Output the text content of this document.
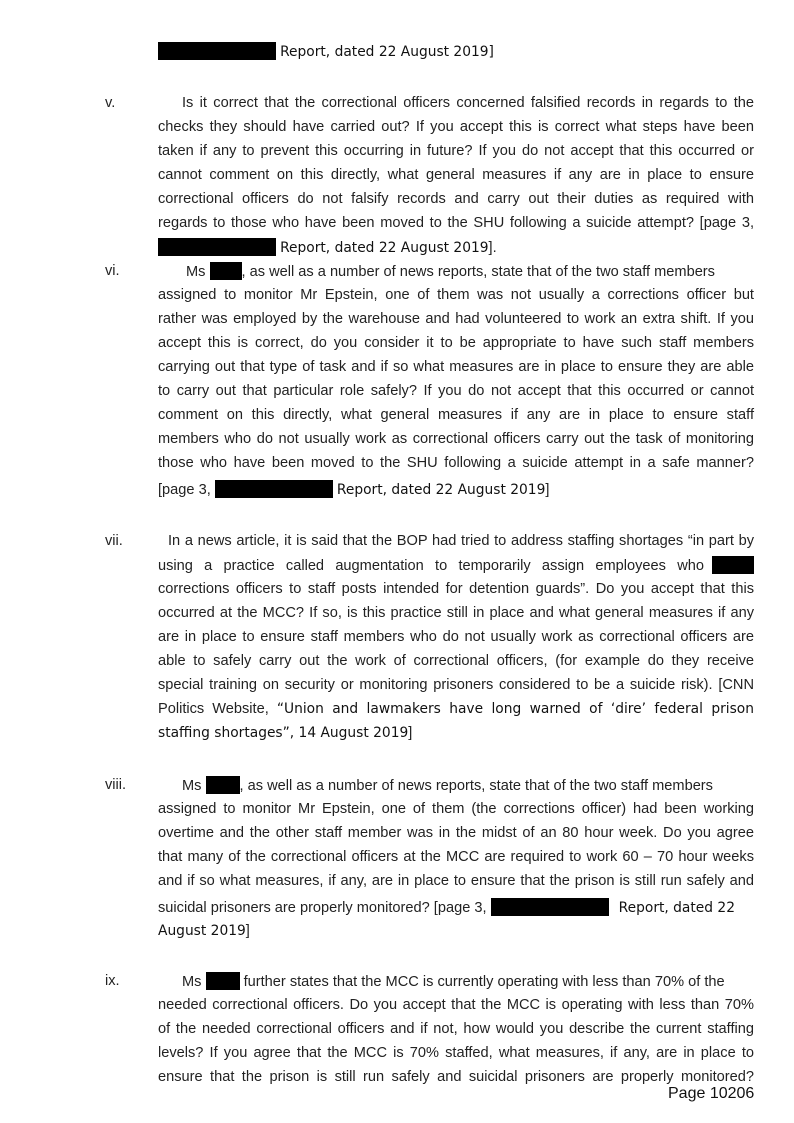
Report, dated 22 August 2019]
v.	Is it correct that the correctional officers concerned falsified records in regards to the
checks they should have carried out? If you accept this is correct what steps have been
taken if any to prevent this occurring in future? If you do not accept that this occurred or
cannot comment on this directly, what general measures if any are in place to ensure
correctional officers do not falsify records and carry out their duties as required with
regards to those who have been moved to the SHU following a suicide attempt? [page 3,
Report, dated 22 August 2019].
vi.	Ms , as well as a number of news reports, state that of the two staff members
assigned to monitor Mr Epstein, one of them was not usually a corrections officer but
rather was employed by the warehouse and had volunteered to work an extra shift. If you
accept this is correct, do you consider it to be appropriate to have such staff members
carrying out that type of task and if so what measures are in place to ensure they are able
to carry out that particular role safely? If you do not accept that this occurred or cannot
comment on this directly, what general measures if any are in place to ensure staff
members who do not usually work as correctional officers carry out the task of monitoring
those who have been moved to the SHU following a suicide attempt in a safe manner?
[page 3,	Report, dated 22 August 2019]
vii.	In a news article, it is said that the BOP had tried to address staffing shortages “in part by
using a practice called augmentation to temporarily assign employees who
corrections officers to staff posts intended for detention guards”. Do you accept that this
occurred at the MCC? If so, is this practice still in place and what general measures if any
are in place to ensure staff members who do not usually work as correctional officers are
able to safely carry out the work of correctional officers, (for example do they receive
special training on security or monitoring prisoners considered to be a suicide risk). [CNN
Politics Website, “Union and lawmakers have long warned of ‘dire’ federal prison
staffing shortages”, 14 August 2019]
viii.	Ms	, as well as a number of news reports, state that of the two staff members
assigned to monitor Mr Epstein, one of them (the corrections officer) had been working
overtime and the other staff member was in the midst of an 80 hour week. Do you agree
that many of the correctional officers at the MCC are required to work 60 – 70 hour weeks
and if so what measures, if any, are in place to ensure that the prison is still run safely and
suicidal prisoners are properly monitored? [page 3,	Report, dated 22
August 2019]
ix.	Ms	further states that the MCC is currently operating with less than 70% of the
needed correctional officers. Do you accept that the MCC is operating with less than 70%
of the needed correctional officers and if not, how would you describe the current staffing
levels? If you agree that the MCC is 70% staffed, what measures, if any, are in place to
ensure that the prison is still run safely and suicidal prisoners are properly monitored?
Page 10206
